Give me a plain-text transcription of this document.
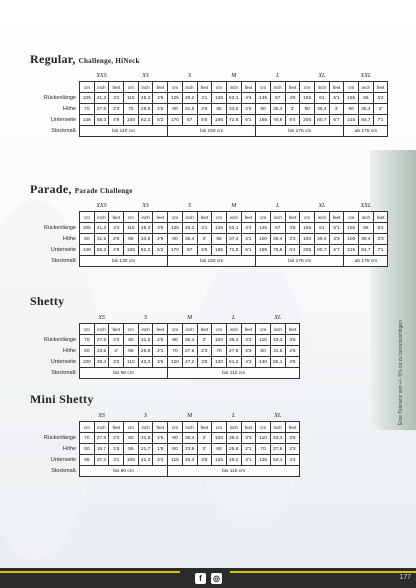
Regular, Challenge, HiNeck
	XXS			XS			S			M			L			XL			XXL		
	cm	inch	feet	cm	inch	feet	cm	inch	feet	cm	inch	feet	cm	inch	feet	cm	inch	feet	cm	inch	feet
Rückenlänge	105	41,3	3'4	115	45,3	3'8	125	49,2	4'1	135	53,1	4'4	145	57	4'8	155	61	5'1	165	65	5'4
Höhe	70	27,6	2'3	75	29,5	2'5	80	31,5	2'6	85	33,5	2'8	90	35,4	3'	90	35,4	3'	90	35,4	3'
Unterseite	148	58,3	4'9	158	62,2	5'2	170	67	5'6	185	72,8	6'1	195	76,8	6'4	205	80,7	6'7	215	84,7	7'1
Stockmaß	bis 110 cm						bis 150 cm						bis 175 cm						ab 175 cm		
Parade, Parade Challenge
	XXS			XS			S			M			L			XL			XXL		
	cm	inch	feet	cm	inch	feet	cm	inch	feet	cm	inch	feet	cm	inch	feet	cm	inch	feet	cm	inch	feet
Rückenlänge	105	41,3	3'4	115	45,3	3'8	125	49,2	4'1	135	53,1	4'4	145	57	4'8	155	61	5'1	165	65	5'4
Höhe	80	31,5	2'6	85	33,5	2'8	90	35,4	3'	95	37,4	3'1	100	39,4	3'3	100	39,4	3'3	100	39,4	3'3
Unterseite	148	58,3	4'9	158	62,2	5'2	170	67	5'6	185	72,8	6'1	195	76,8	6'4	205	80,7	6'7	215	84,7	7'1
Stockmaß	bis 130 cm						bis 150 cm						bis 175 cm						ab 175 cm		
Shetty
	XS			S			M			L			XL		
	cm	inch	feet	cm	inch	feet	cm	inch	feet	cm	inch	feet	cm	inch	feet
Rückenlänge	70	27,6	2'3	80	31,5	2'6	90	35,4	3'	100	39,4	3'3	110	43,3	3'6
Höhe	60	23,6	2'	65	25,6	2'1	70	27,6	2'3	70	27,6	2'3	80	31,5	2'6
Unterseite	100	39,4	3'3	110	43,3	3'6	120	47,2	3'9	130	51,2	4'3	140	55,1	4'6
Stockmaß	bis 90 cm						bis 110 cm								
Mini Shetty
	XS			S			M			L			XL		
	cm	inch	feet	cm	inch	feet	cm	inch	feet	cm	inch	feet	cm	inch	feet
Rückenlänge	70	27,6	2'3	80	31,5	2'6	90	35,4	3'	100	39,4	3'3	110	43,3	3'6
Höhe	50	19,7	1'6	55	21,7	1'8	60	23,6	2'	65	25,6	2'1	70	27,6	2'3
Unterseite	95	37,4	3'1	105	41,3	3'4	115	45,3	3'8	125	49,2	4'1	135	53,1	4'4
Stockmaß	bis 90 cm						bis 110 cm								
Eine Toleranz von +/- 5% ist zu berücksichtigen.
f	◎	177
